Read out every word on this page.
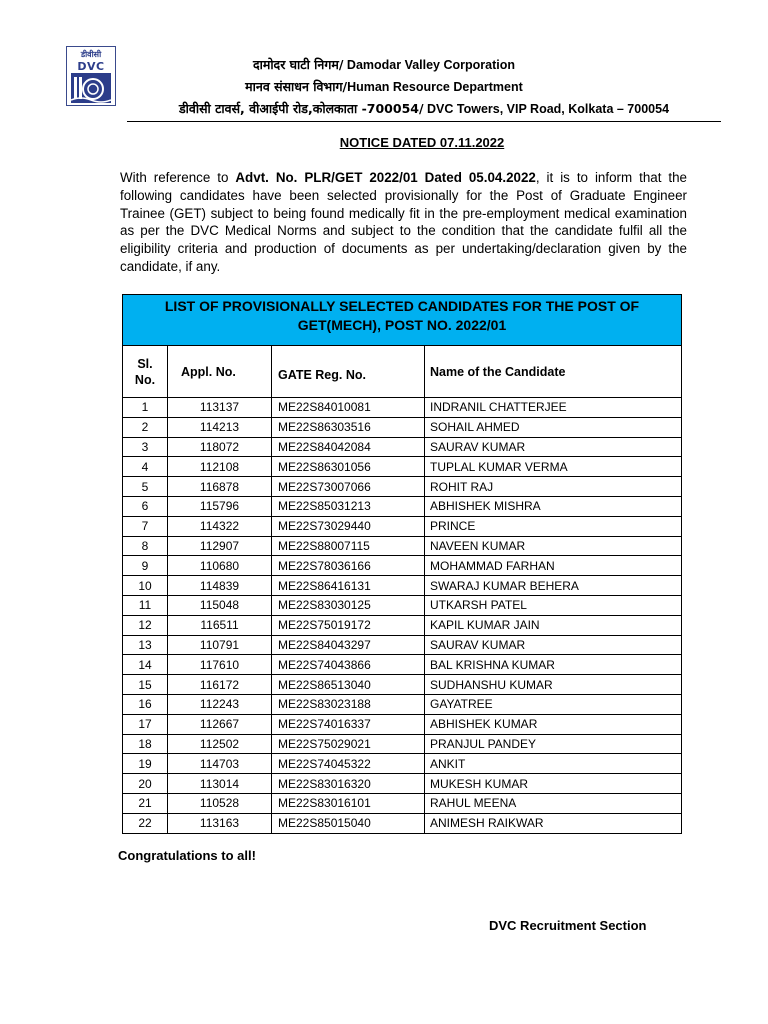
डीवीसी
DVC	दामोदर घाटी निगम/ Damodar Valley Corporation
मानव संसाधन विभाग/Human Resource Department
डीवीसी टावर्स, वीआईपी रोड,कोलकाता -700054/ DVC Towers, VIP Road, Kolkata – 700054
NOTICE DATED 07.11.2022
With reference to Advt. No. PLR/GET 2022/01 Dated 05.04.2022, it is to inform that the following candidates have been selected provisionally for the Post of Graduate Engineer Trainee (GET) subject to being found medically fit in the pre-employment medical examination as per the DVC Medical Norms and subject to the condition that the candidate fulfil all the eligibility criteria and production of documents as per undertaking/declaration given by the candidate, if any.
LIST OF PROVISIONALLY SELECTED CANDIDATES FOR THE POST OF
GET(MECH), POST NO. 2022/01			

Sl.
No.	Appl. No.	GATE Reg. No.	Name of the Candidate
1	113137	ME22S84010081	INDRANIL CHATTERJEE
2	114213	ME22S86303516	SOHAIL AHMED
3	118072	ME22S84042084	SAURAV KUMAR
4	112108	ME22S86301056	TUPLAL KUMAR VERMA
5	116878	ME22S73007066	ROHIT RAJ
6	115796	ME22S85031213	ABHISHEK MISHRA
7	114322	ME22S73029440	PRINCE
8	112907	ME22S88007115	NAVEEN KUMAR
9	110680	ME22S78036166	MOHAMMAD FARHAN
10	114839	ME22S86416131	SWARAJ KUMAR BEHERA
11	115048	ME22S83030125	UTKARSH PATEL
12	116511	ME22S75019172	KAPIL KUMAR JAIN
13	110791	ME22S84043297	SAURAV KUMAR
14	117610	ME22S74043866	BAL KRISHNA KUMAR
15	116172	ME22S86513040	SUDHANSHU KUMAR
16	112243	ME22S83023188	GAYATREE
17	112667	ME22S74016337	ABHISHEK KUMAR
18	112502	ME22S75029021	PRANJUL PANDEY
19	114703	ME22S74045322	ANKIT
20	113014	ME22S83016320	MUKESH KUMAR
21	110528	ME22S83016101	RAHUL MEENA
22	113163	ME22S85015040	ANIMESH RAIKWAR
Congratulations to all!
DVC Recruitment Section
